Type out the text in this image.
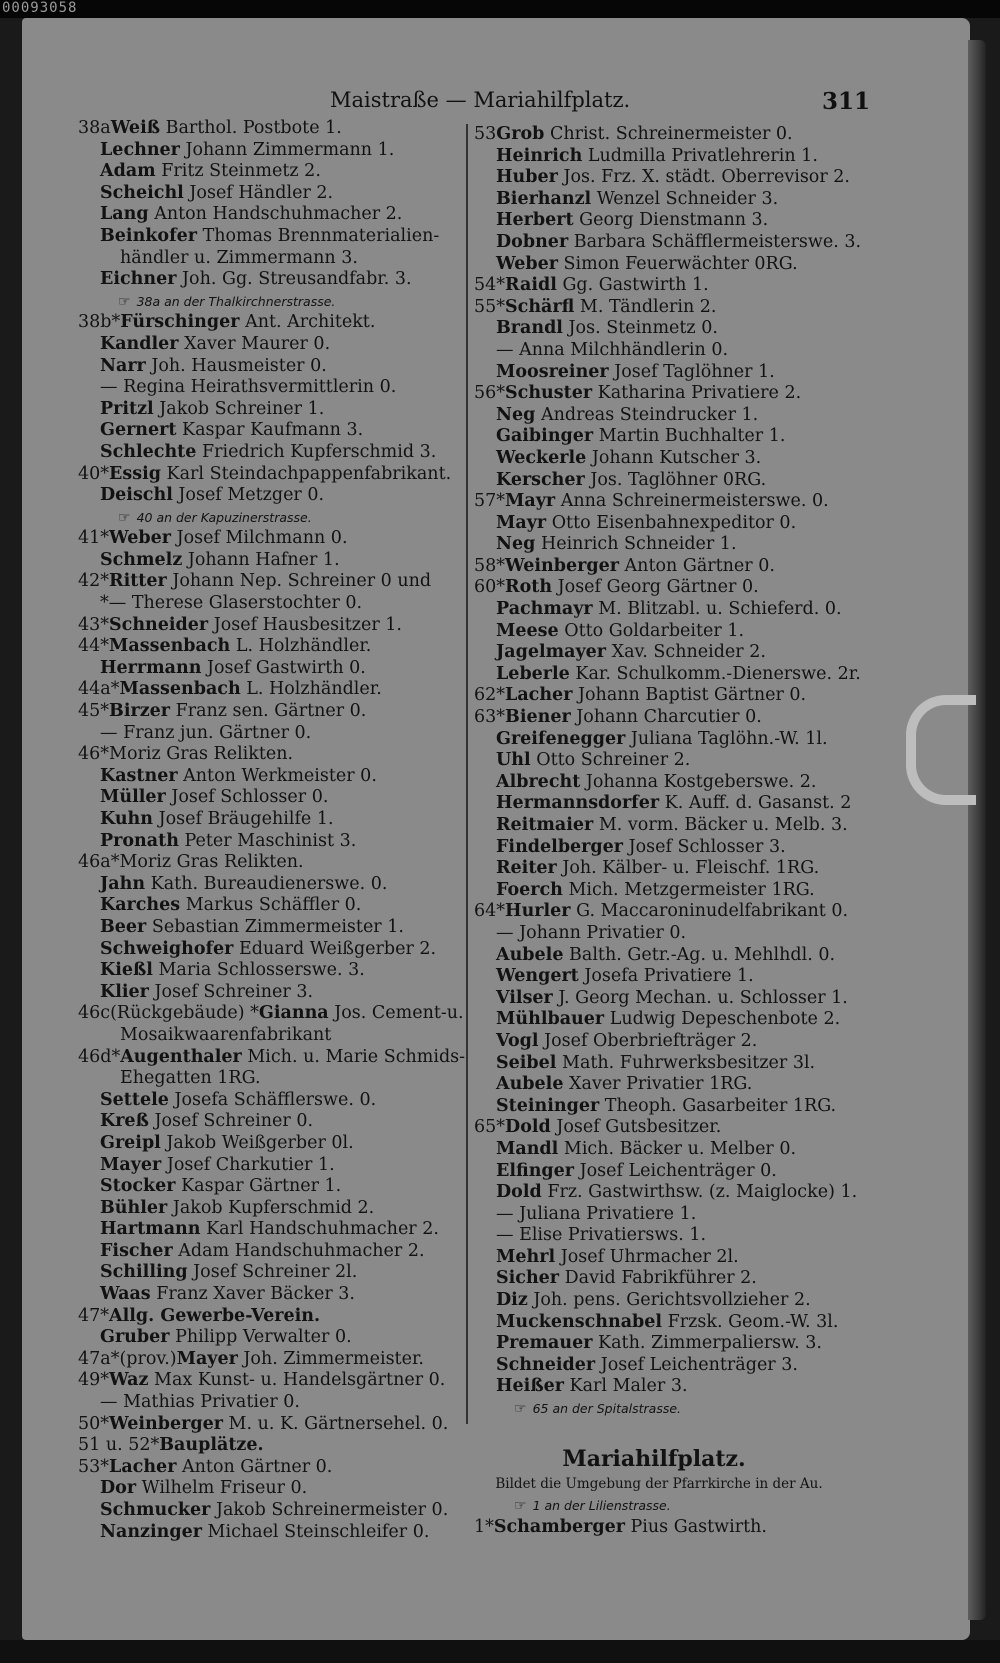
00093058
Maistraße — Mariahilfplatz.	311
38aWeiß Barthol. Postbote 1.
Lechner Johann Zimmermann 1.
Adam Fritz Steinmetz 2.
Scheichl Josef Händler 2.
Lang Anton Handschuhmacher 2.
Beinkofer Thomas Brennmaterialien-
händler u. Zimmermann 3.
Eichner Joh. Gg. Streusandfabr. 3.
☞ 38a an der Thalkirchnerstrasse.
38b*Fürschinger Ant. Architekt.
Kandler Xaver Maurer 0.
Narr Joh. Hausmeister 0.
— Regina Heirathsvermittlerin 0.
Pritzl Jakob Schreiner 1.
Gernert Kaspar Kaufmann 3.
Schlechte Friedrich Kupferschmid 3.
40*Essig Karl Steindachpappenfabrikant.
Deischl Josef Metzger 0.
☞ 40 an der Kapuzinerstrasse.
41*Weber Josef Milchmann 0.
Schmelz Johann Hafner 1.
42*Ritter Johann Nep. Schreiner 0 und
*— Therese Glaserstochter 0.
43*Schneider Josef Hausbesitzer 1.
44*Massenbach L. Holzhändler.
Herrmann Josef Gastwirth 0.
44a*Massenbach L. Holzhändler.
45*Birzer Franz sen. Gärtner 0.
— Franz jun. Gärtner 0.
46*Moriz Gras Relikten.
Kastner Anton Werkmeister 0.
Müller Josef Schlosser 0.
Kuhn Josef Bräugehilfe 1.
Pronath Peter Maschinist 3.
46a*Moriz Gras Relikten.
Jahn Kath. Bureaudienerswe. 0.
Karches Markus Schäffler 0.
Beer Sebastian Zimmermeister 1.
Schweighofer Eduard Weißgerber 2.
Kießl Maria Schlosserswe. 3.
Klier Josef Schreiner 3.
46c(Rückgebäude) *Gianna Jos. Cement-u.
Mosaikwaarenfabrikant
46d*Augenthaler Mich. u. Marie Schmids-
Ehegatten 1RG.
Settele Josefa Schäfflerswe. 0.
Kreß Josef Schreiner 0.
Greipl Jakob Weißgerber 0l.
Mayer Josef Charkutier 1.
Stocker Kaspar Gärtner 1.
Bühler Jakob Kupferschmid 2.
Hartmann Karl Handschuhmacher 2.
Fischer Adam Handschuhmacher 2.
Schilling Josef Schreiner 2l.
Waas Franz Xaver Bäcker 3.
47*Allg. Gewerbe-Verein.
Gruber Philipp Verwalter 0.
47a*(prov.)Mayer Joh. Zimmermeister.
49*Waz Max Kunst- u. Handelsgärtner 0.
— Mathias Privatier 0.
50*Weinberger M. u. K. Gärtnersehel. 0.
51 u. 52*Bauplätze.
53*Lacher Anton Gärtner 0.
Dor Wilhelm Friseur 0.
Schmucker Jakob Schreinermeister 0.
Nanzinger Michael Steinschleifer 0.
53Grob Christ. Schreinermeister 0.
Heinrich Ludmilla Privatlehrerin 1.
Huber Jos. Frz. X. städt. Oberrevisor 2.
Bierhanzl Wenzel Schneider 3.
Herbert Georg Dienstmann 3.
Dobner Barbara Schäfflermeisterswe. 3.
Weber Simon Feuerwächter 0RG.
54*Raidl Gg. Gastwirth 1.
55*Schärfl M. Tändlerin 2.
Brandl Jos. Steinmetz 0.
— Anna Milchhändlerin 0.
Moosreiner Josef Taglöhner 1.
56*Schuster Katharina Privatiere 2.
Neg Andreas Steindrucker 1.
Gaibinger Martin Buchhalter 1.
Weckerle Johann Kutscher 3.
Kerscher Jos. Taglöhner 0RG.
57*Mayr Anna Schreinermeisterswe. 0.
Mayr Otto Eisenbahnexpeditor 0.
Neg Heinrich Schneider 1.
58*Weinberger Anton Gärtner 0.
60*Roth Josef Georg Gärtner 0.
Pachmayr M. Blitzabl. u. Schieferd. 0.
Meese Otto Goldarbeiter 1.
Jagelmayer Xav. Schneider 2.
Leberle Kar. Schulkomm.-Dienerswe. 2r.
62*Lacher Johann Baptist Gärtner 0.
63*Biener Johann Charcutier 0.
Greifenegger Juliana Taglöhn.-W. 1l.
Uhl Otto Schreiner 2.
Albrecht Johanna Kostgeberswe. 2.
Hermannsdorfer K. Auff. d. Gasanst. 2
Reitmaier M. vorm. Bäcker u. Melb. 3.
Findelberger Josef Schlosser 3.
Reiter Joh. Kälber- u. Fleischf. 1RG.
Foerch Mich. Metzgermeister 1RG.
64*Hurler G. Maccaroninudelfabrikant 0.
— Johann Privatier 0.
Aubele Balth. Getr.-Ag. u. Mehlhdl. 0.
Wengert Josefa Privatiere 1.
Vilser J. Georg Mechan. u. Schlosser 1.
Mühlbauer Ludwig Depeschenbote 2.
Vogl Josef Oberbriefträger 2.
Seibel Math. Fuhrwerksbesitzer 3l.
Aubele Xaver Privatier 1RG.
Steininger Theoph. Gasarbeiter 1RG.
65*Dold Josef Gutsbesitzer.
Mandl Mich. Bäcker u. Melber 0.
Elfinger Josef Leichenträger 0.
Dold Frz. Gastwirthsw. (z. Maiglocke) 1.
— Juliana Privatiere 1.
— Elise Privatiersws. 1.
Mehrl Josef Uhrmacher 2l.
Sicher David Fabrikführer 2.
Diz Joh. pens. Gerichtsvollzieher 2.
Muckenschnabel Frzsk. Geom.-W. 3l.
Premauer Kath. Zimmerpaliersw. 3.
Schneider Josef Leichenträger 3.
Heißer Karl Maler 3.
☞ 65 an der Spitalstrasse.
Mariahilfplatz.
Bildet die Umgebung der Pfarrkirche in der Au.
☞ 1 an der Lilienstrasse.
1*Schamberger Pius Gastwirth.
